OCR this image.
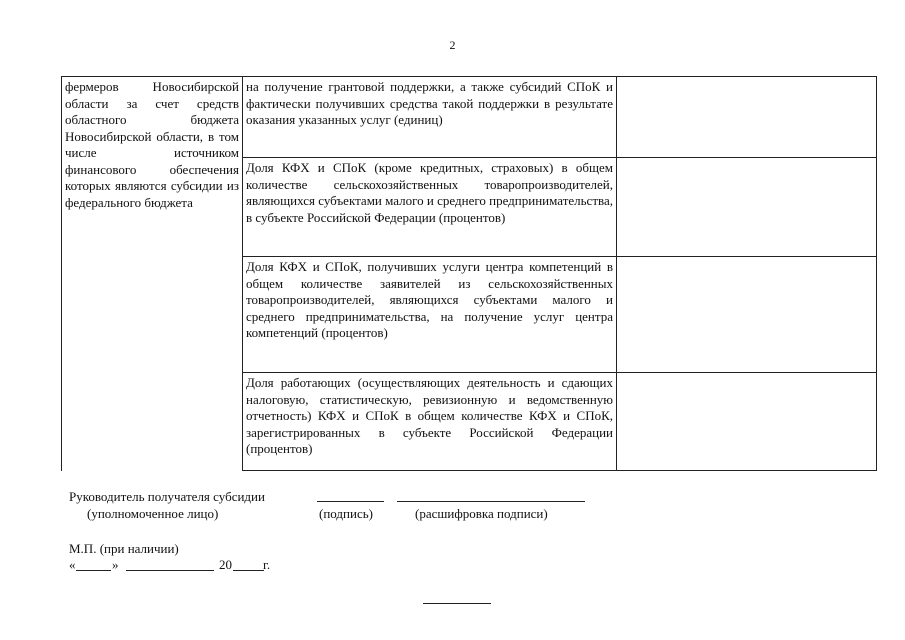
2
фермеров Новосибирской области за счет средств областного бюджета Новосибирской области, в том числе источником финансового обеспечения которых являются субсидии из федерального бюджета	на получение грантовой поддержки, а также субсидий СПоК и фактически получивших средства такой поддержки в результате оказания указанных услуг (единиц)	
	Доля КФХ и СПоК (кроме кредитных, страховых) в общем количестве сельскохозяйственных товаропроизводителей, являющихся субъектами малого и среднего предпринимательства, в субъекте Российской Федерации (процентов)	
	Доля КФХ и СПоК, получивших услуги центра компетенций в общем количестве заявителей из сельскохозяйственных товаропроизводителей, являющихся субъектами малого и среднего предпринимательства, на получение услуг центра компетенций (процентов)	
	Доля работающих (осуществляющих деятельность и сдающих налоговую, статистическую, ревизионную и ведомственную отчетность) КФХ и СПоК в общем количестве КФХ и СПоК, зарегистрированных в субъекте Российской Федерации (процентов)	
Руководитель получателя субсидии
(уполномоченное лицо)	(подпись)	(расшифровка подписи)
М.П. (при наличии)
«	»	20 г.
